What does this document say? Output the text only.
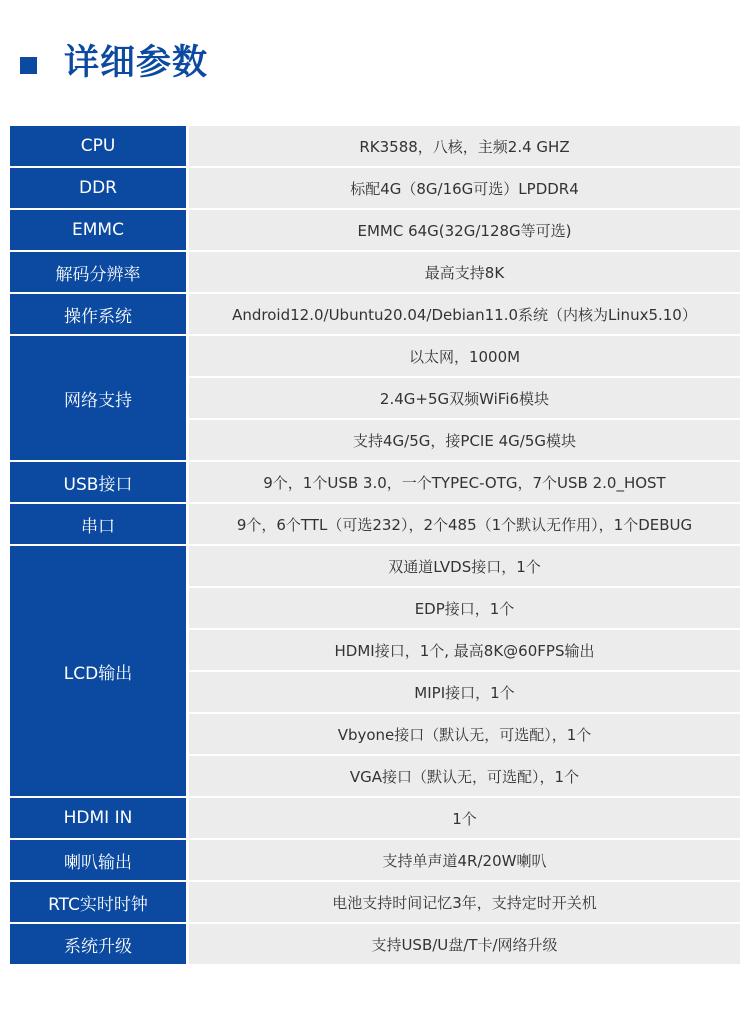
详细参数
CPU	RK3588，八核，主频2.4 GHZ
DDR	标配4G（8G/16G可选）LPDDR4
EMMC	EMMC 64G(32G/128G等可选)
解码分辨率	最高支持8K
操作系统	Android12.0/Ubuntu20.04/Debian11.0系统（内核为Linux5.10）
网络支持	以太网，1000M
	2.4G+5G双频WiFi6模块
	支持4G/5G，接PCIE 4G/5G模块
USB接口	9个，1个USB 3.0，一个TYPEC-OTG，7个USB 2.0_HOST
串口	9个，6个TTL（可选232），2个485（1个默认无作用），1个DEBUG
LCD输出	双通道LVDS接口，1个
	EDP接口，1个
	HDMI接口，1个, 最高8K@60FPS输出
	MIPI接口，1个
	Vbyone接口（默认无，可选配），1个
	VGA接口（默认无，可选配），1个
HDMI IN	1个
喇叭输出	支持单声道4R/20W喇叭
RTC实时时钟	电池支持时间记忆3年，支持定时开关机
系统升级	支持USB/U盘/T卡/网络升级
